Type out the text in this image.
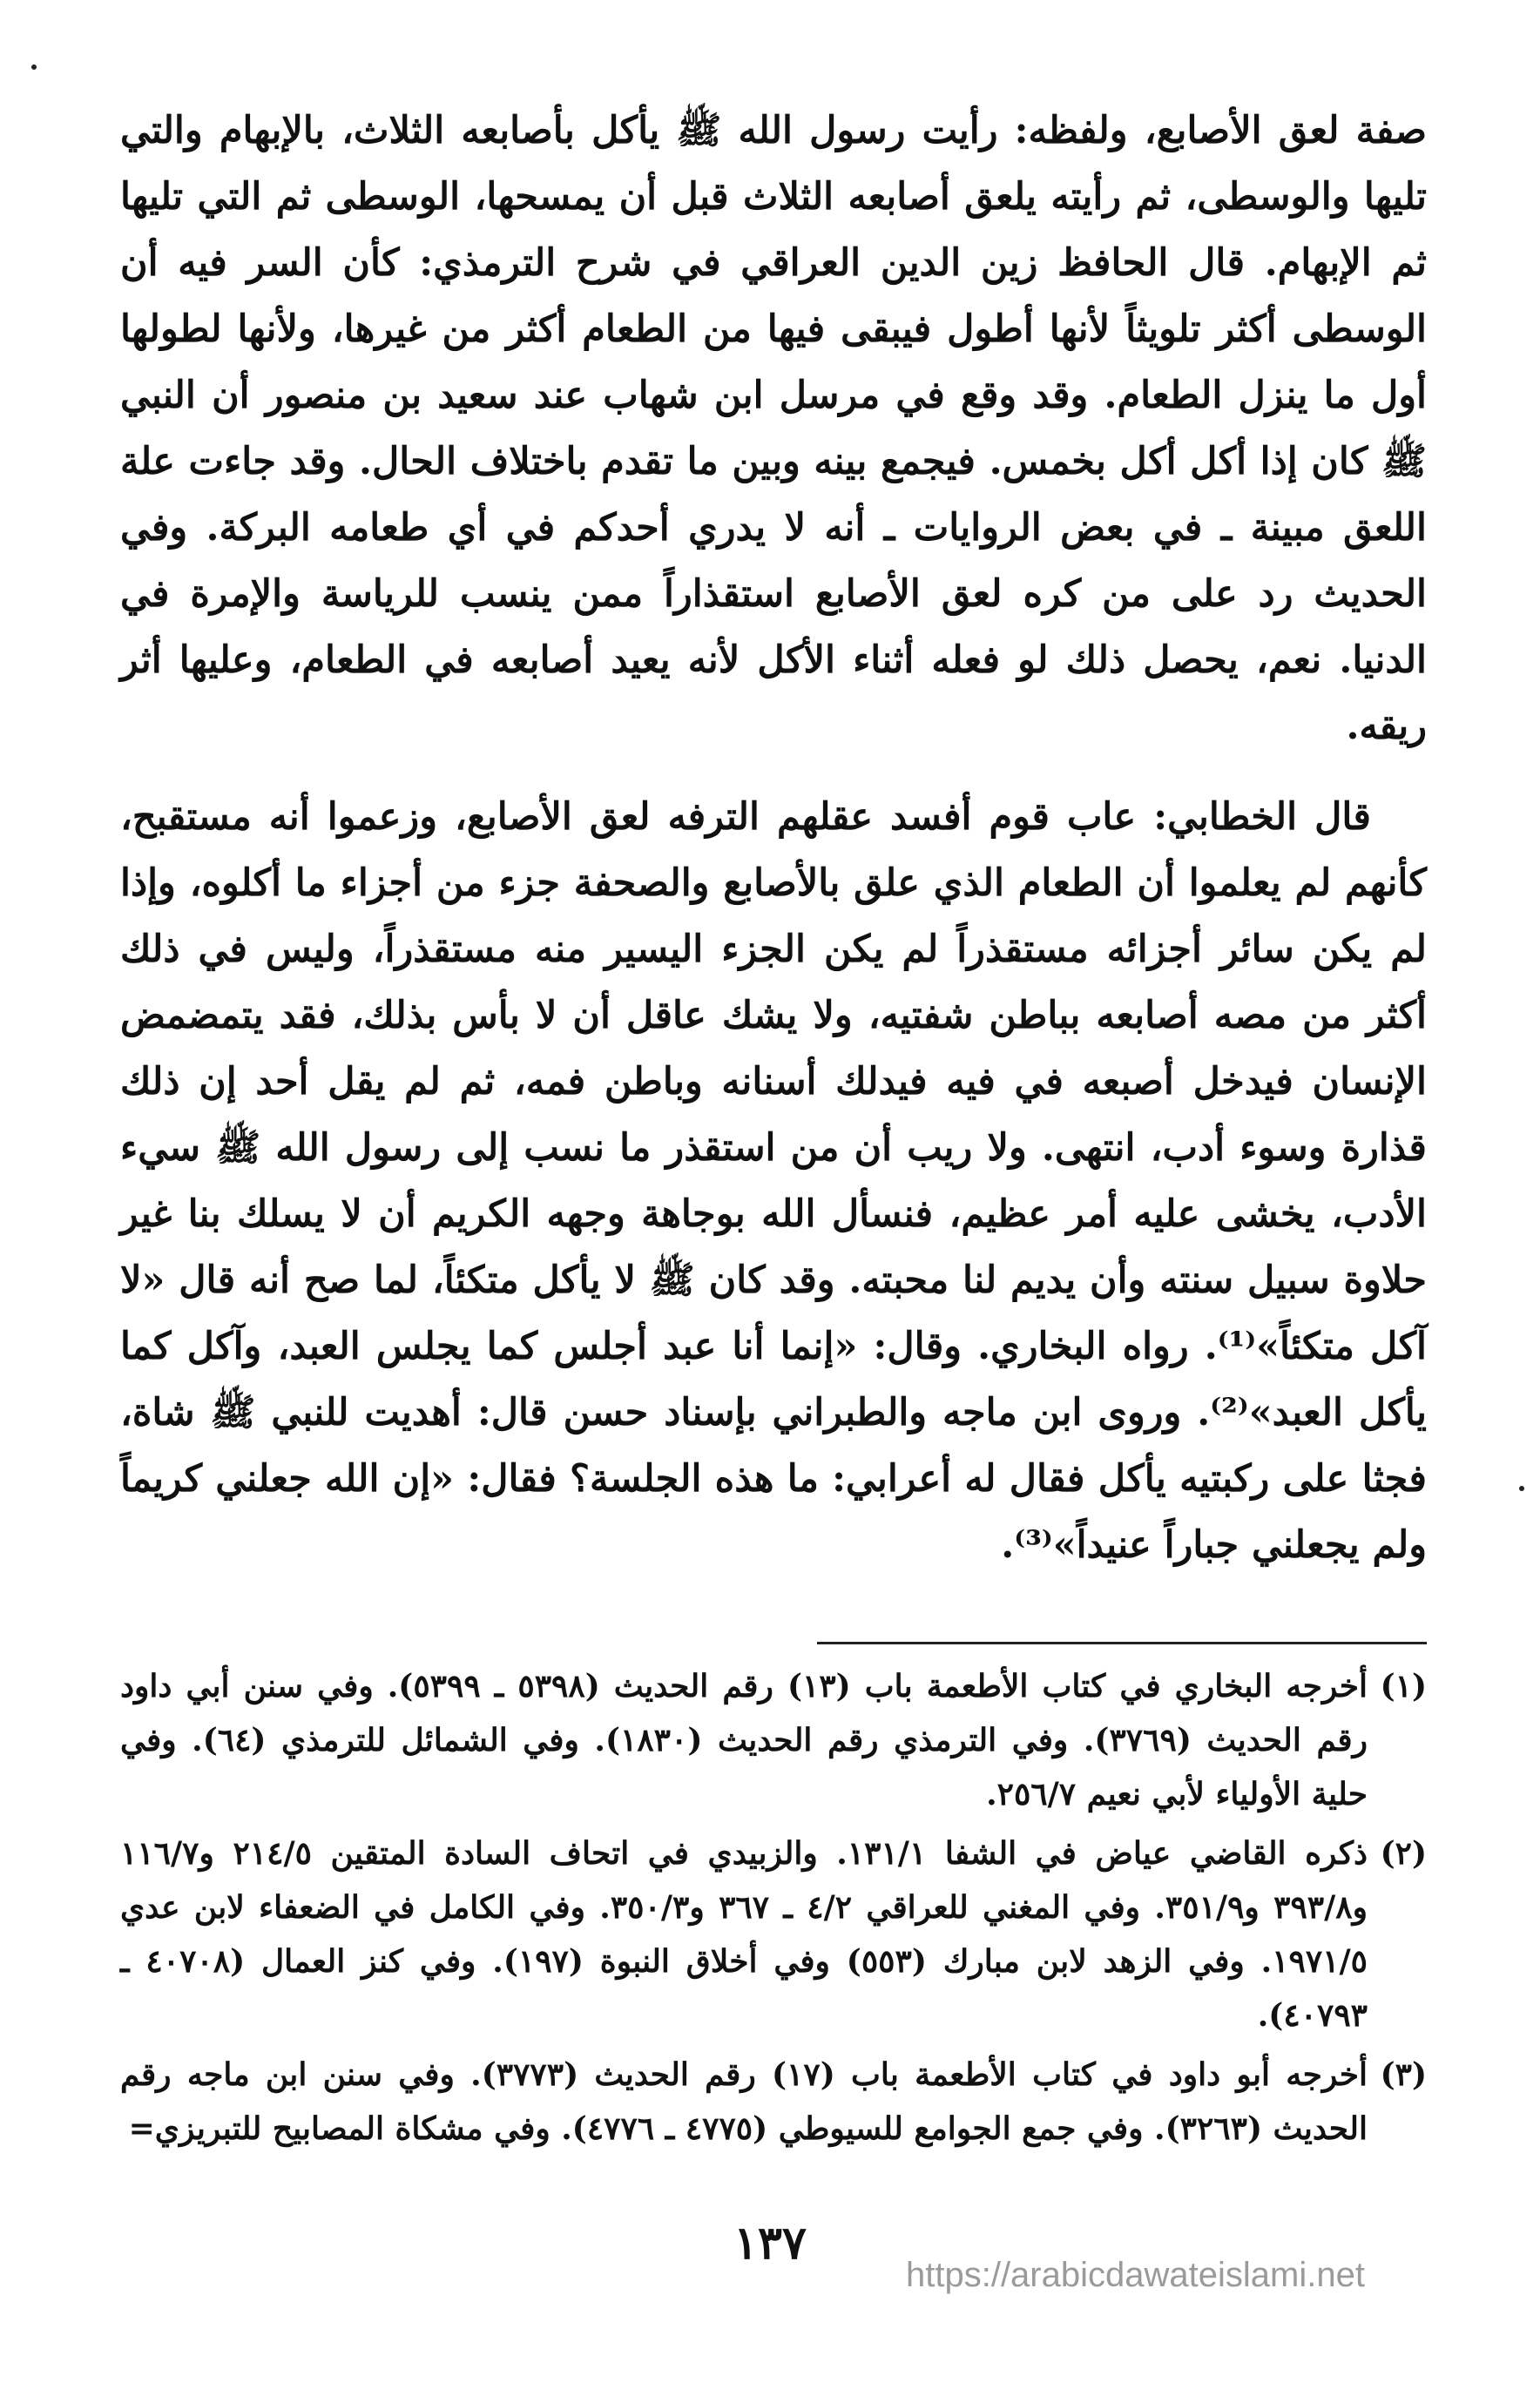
صفة لعق الأصابع، ولفظه: رأيت رسول الله ﷺ يأكل بأصابعه الثلاث، بالإبهام والتي تليها والوسطى، ثم رأيته يلعق أصابعه الثلاث قبل أن يمسحها، الوسطى ثم التي تليها ثم الإبهام. قال الحافظ زين الدين العراقي في شرح الترمذي: كأن السر فيه أن الوسطى أكثر تلويثاً لأنها أطول فيبقى فيها من الطعام أكثر من غيرها، ولأنها لطولها أول ما ينزل الطعام. وقد وقع في مرسل ابن شهاب عند سعيد بن منصور أن النبي ﷺ كان إذا أكل أكل بخمس. فيجمع بينه وبين ما تقدم باختلاف الحال. وقد جاءت علة اللعق مبينة ـ في بعض الروايات ـ أنه لا يدري أحدكم في أي طعامه البركة. وفي الحديث رد على من كره لعق الأصابع استقذاراً ممن ينسب للرياسة والإمرة في الدنيا. نعم، يحصل ذلك لو فعله أثناء الأكل لأنه يعيد أصابعه في الطعام، وعليها أثر ريقه.

قال الخطابي: عاب قوم أفسد عقلهم الترفه لعق الأصابع، وزعموا أنه مستقبح، كأنهم لم يعلموا أن الطعام الذي علق بالأصابع والصحفة جزء من أجزاء ما أكلوه، وإذا لم يكن سائر أجزائه مستقذراً لم يكن الجزء اليسير منه مستقذراً، وليس في ذلك أكثر من مصه أصابعه بباطن شفتيه، ولا يشك عاقل أن لا بأس بذلك، فقد يتمضمض الإنسان فيدخل أصبعه في فيه فيدلك أسنانه وباطن فمه، ثم لم يقل أحد إن ذلك قذارة وسوء أدب، انتهى. ولا ريب أن من استقذر ما نسب إلى رسول الله ﷺ سيء الأدب، يخشى عليه أمر عظيم، فنسأل الله بوجاهة وجهه الكريم أن لا يسلك بنا غير حلاوة سبيل سنته وأن يديم لنا محبته. وقد كان ﷺ لا يأكل متكئاً، لما صح أنه قال «لا آكل متكئاً»⁽¹⁾. رواه البخاري. وقال: «إنما أنا عبد أجلس كما يجلس العبد، وآكل كما يأكل العبد»⁽²⁾. وروى ابن ماجه والطبراني بإسناد حسن قال: أهديت للنبي ﷺ شاة، فجثا على ركبتيه يأكل فقال له أعرابي: ما هذه الجلسة؟ فقال: «إن الله جعلني كريماً ولم يجعلني جباراً عنيداً»⁽³⁾.

(١)
أخرجه البخاري في كتاب الأطعمة باب (١٣) رقم الحديث (٥٣٩٨ ـ ٥٣٩٩). وفي سنن أبي داود رقم الحديث (٣٧٦٩). وفي الترمذي رقم الحديث (١٨٣٠). وفي الشمائل للترمذي (٦٤). وفي حلية الأولياء لأبي نعيم ٢٥٦/٧.
(٢)
ذكره القاضي عياض في الشفا ١٣١/١. والزبيدي في اتحاف السادة المتقين ٢١٤/٥ و١١٦/٧ و٣٩٣/٨ و٣٥١/٩. وفي المغني للعراقي ٤/٢ ـ ٣٦٧ و٣٥٠/٣. وفي الكامل في الضعفاء لابن عدي ١٩٧١/٥. وفي الزهد لابن مبارك (٥٥٣) وفي أخلاق النبوة (١٩٧). وفي كنز العمال (٤٠٧٠٨ ـ ٤٠٧٩٣).
(٣)
أخرجه أبو داود في كتاب الأطعمة باب (١٧) رقم الحديث (٣٧٧٣). وفي سنن ابن ماجه رقم الحديث (٣٢٦٣). وفي جمع الجوامع للسيوطي (٤٧٧٥ ـ ٤٧٧٦). وفي مشكاة المصابيح للتبريزي=
١٣٧
https://arabicdawateislami.net
